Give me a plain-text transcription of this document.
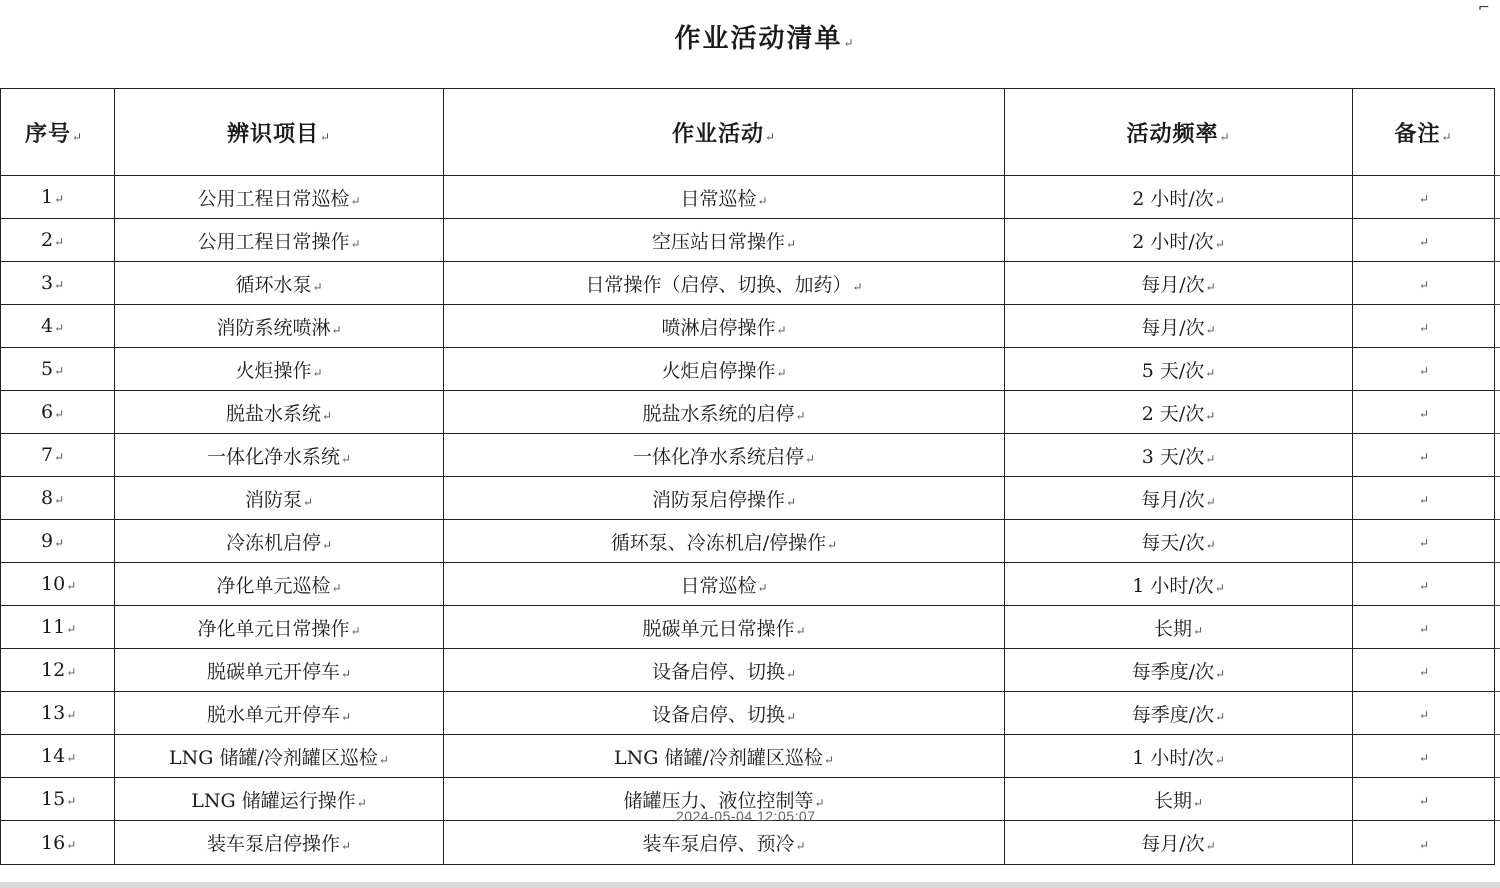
⌐
作业活动清单↵
序号↵	辨识项目↵	作业活动↵	活动频率↵	备注↵
1↵	公用工程日常巡检↵	日常巡检↵	2 小时/次↵	↵
2↵	公用工程日常操作↵	空压站日常操作↵	2 小时/次↵	↵
3↵	循环水泵↵	日常操作（启停、切换、加药）↵	每月/次↵	↵
4↵	消防系统喷淋↵	喷淋启停操作↵	每月/次↵	↵
5↵	火炬操作↵	火炬启停操作↵	5 天/次↵	↵
6↵	脱盐水系统↵	脱盐水系统的启停↵	2 天/次↵	↵
7↵	一体化净水系统↵	一体化净水系统启停↵	3 天/次↵	↵
8↵	消防泵↵	消防泵启停操作↵	每月/次↵	↵
9↵	冷冻机启停↵	循环泵、冷冻机启/停操作↵	每天/次↵	↵
10↵	净化单元巡检↵	日常巡检↵	1 小时/次↵	↵
11↵	净化单元日常操作↵	脱碳单元日常操作↵	长期↵	↵
12↵	脱碳单元开停车↵	设备启停、切换↵	每季度/次↵	↵
13↵	脱水单元开停车↵	设备启停、切换↵	每季度/次↵	↵
14↵	LNG 储罐/冷剂罐区巡检↵	LNG 储罐/冷剂罐区巡检↵	1 小时/次↵	↵
15↵	LNG 储罐运行操作↵	储罐压力、液位控制等↵	长期↵	↵
16↵	装车泵启停操作↵	装车泵启停、预冷↵	每月/次↵	↵
2024-05-04 12:05:07
